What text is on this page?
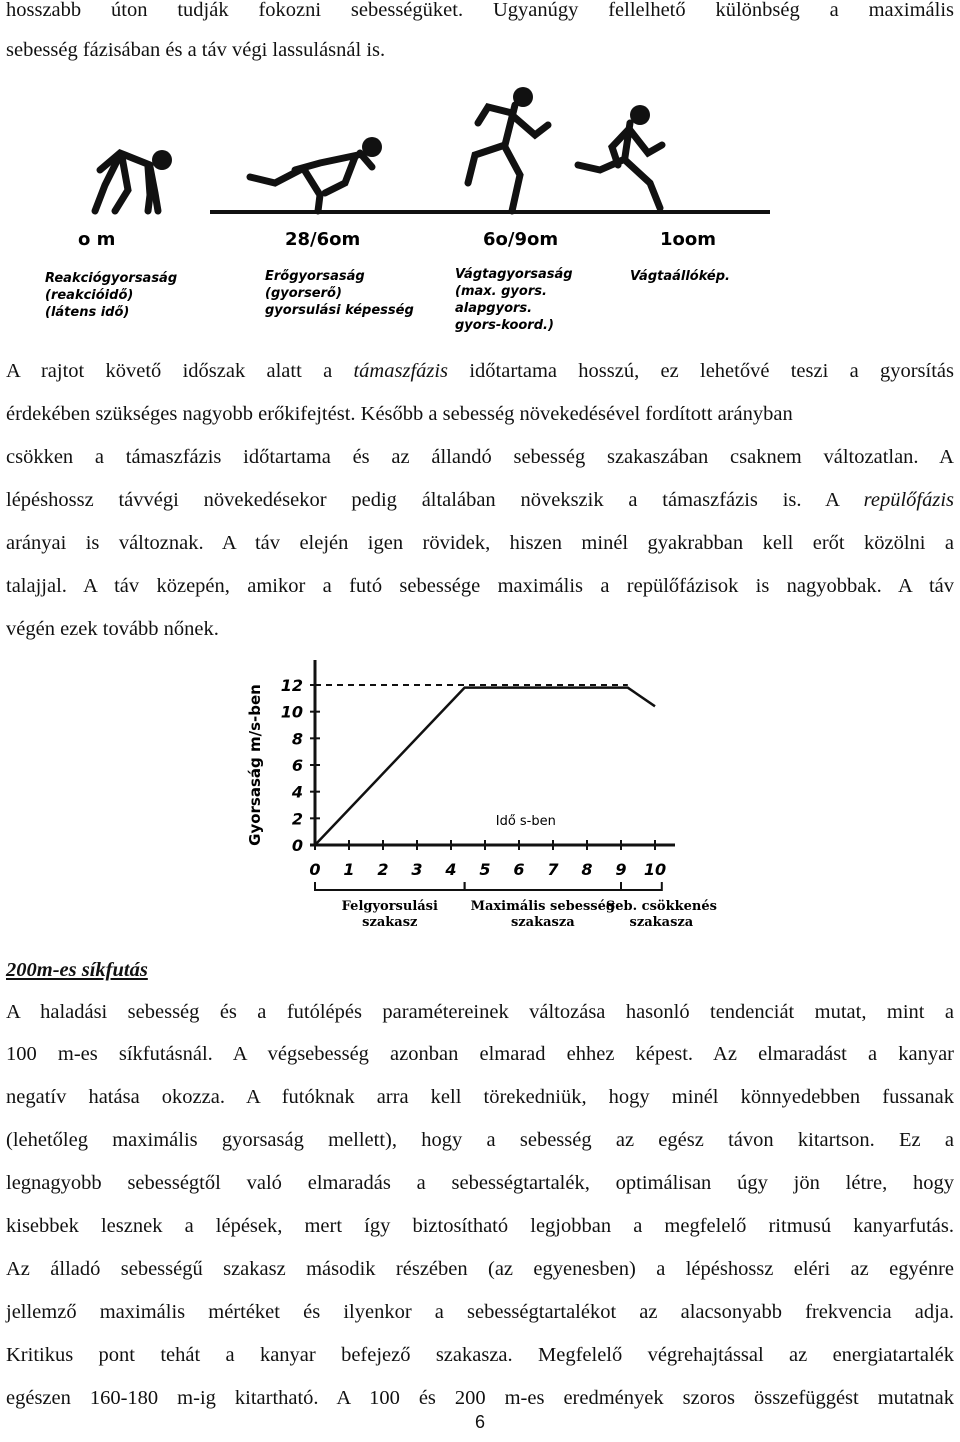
hosszabb úton tudják fokozni sebességüket. Ugyanúgy fellelhető különbség a maximális
sebesség fázisában és a táv végi lassulásnál is.
o m	28/6om	6o/9om	1oom
Reakciógyorsaság
(reakcióidő)
(látens idő)
Erőgyorsaság
(gyorserő)
gyorsulási képesség
Vágtagyorsaság
(max. gyors.
alapgyors.
gyors-koord.)
Vágtaállókép.
A rajtot követő időszak alatt a támaszfázis időtartama hosszú, ez lehetővé teszi a gyorsítás
érdekében szükséges nagyobb erőkifejtést. Később a sebesség növekedésével fordított arányban
csökken a támaszfázis időtartama és az állandó sebesség szakaszában csaknem változatlan. A
lépéshossz távvégi növekedésekor pedig általában növekszik a támaszfázis is. A repülőfázis
arányai is változnak. A táv elején igen rövidek, hiszen minél gyakrabban kell erőt közölni a
talajjal. A táv közepén, amikor a futó sebessége maximális a repülőfázisok is nagyobbak. A táv
végén ezek tovább nőnek.
0
2
4
6
8
10
12
0 1 2 3 4 5 6 7 8 9 10
Idő s-ben
Gyorsaság m/s-ben
Felgyorsulási
szakasz
Maximális sebesség
szakasza
Seb. csökkenés
szakasza
200m-es síkfutás
A haladási sebesség és a futólépés paramétereinek változása hasonló tendenciát mutat, mint a
100 m-es síkfutásnál. A végsebesség azonban elmarad ehhez képest. Az elmaradást a kanyar
negatív hatása okozza. A futóknak arra kell törekedniük, hogy minél könnyedebben fussanak
(lehetőleg maximális gyorsaság mellett), hogy a sebesség az egész távon kitartson. Ez a
legnagyobb sebességtől való elmaradás a sebességtartalék, optimálisan úgy jön létre, hogy
kisebbek lesznek a lépések, mert így biztosítható legjobban a megfelelő ritmusú kanyarfutás.
Az álladó sebességű szakasz második részében (az egyenesben) a lépéshossz eléri az egyénre
jellemző maximális mértéket és ilyenkor a sebességtartalékot az alacsonyabb frekvencia adja.
Kritikus pont tehát a kanyar befejező szakasza. Megfelelő végrehajtással az energiatartalék
egészen 160-180 m-ig kitartható. A 100 és 200 m-es eredmények szoros összefüggést mutatnak
6
